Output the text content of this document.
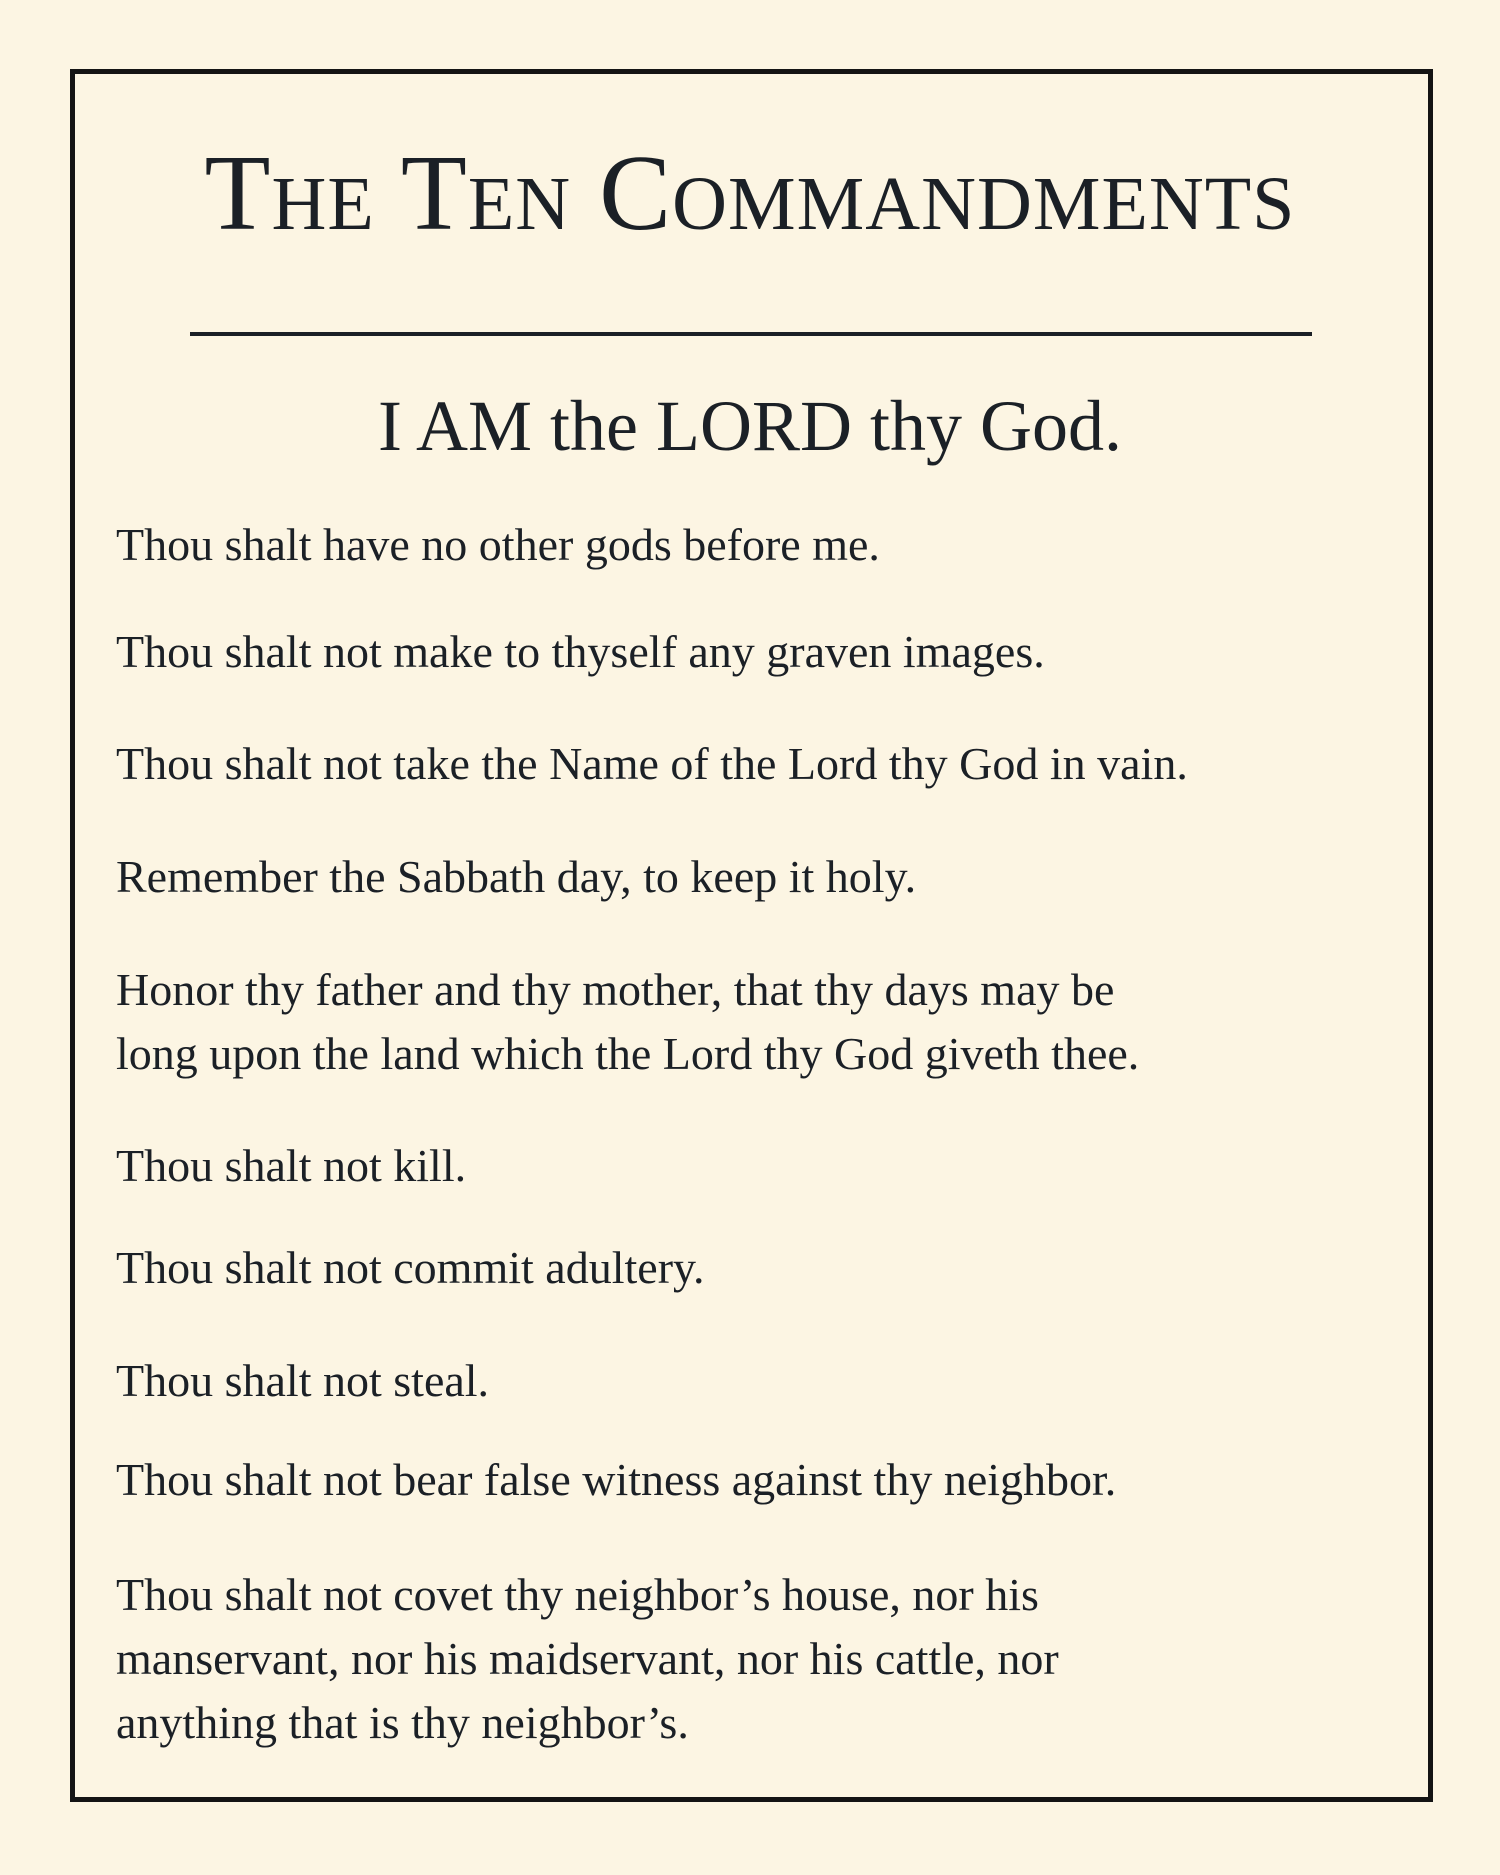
The Ten Commandments
I AM the LORD thy God.
Thou shalt have no other gods before me.
Thou shalt not make to thyself any graven images.
Thou shalt not take the Name of the Lord thy God in vain.
Remember the Sabbath day, to keep it holy.
Honor thy father and thy mother, that thy days may be
long upon the land which the Lord thy God giveth thee.
Thou shalt not kill.
Thou shalt not commit adultery.
Thou shalt not steal.
Thou shalt not bear false witness against thy neighbor.
Thou shalt not covet thy neighbor’s house, nor his
manservant, nor his maidservant, nor his cattle, nor
anything that is thy neighbor’s.
